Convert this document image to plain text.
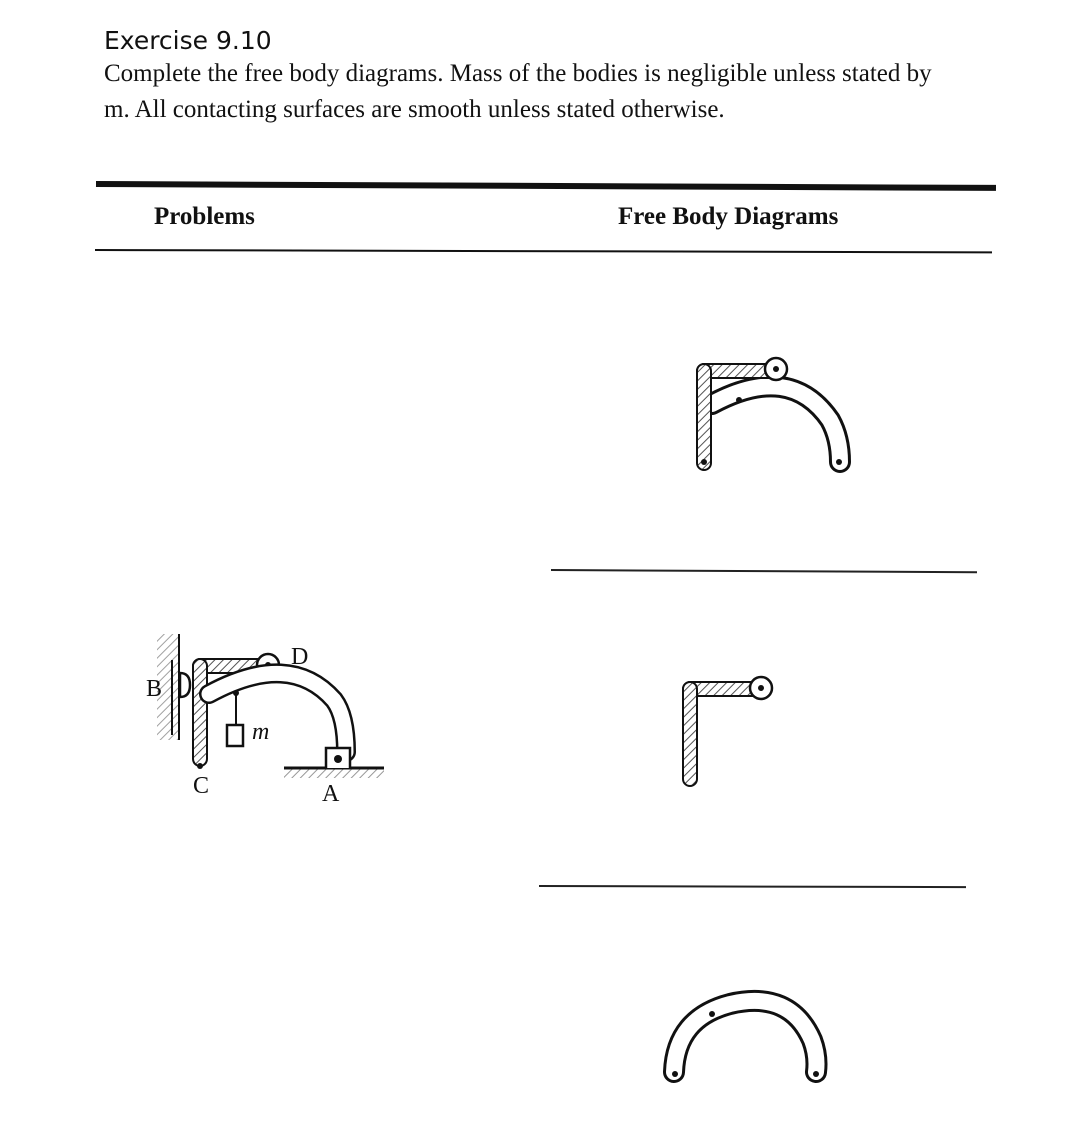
Exercise 9.10
Complete the free body diagrams. Mass of the bodies is negligible unless stated by
m. All contacting surfaces are smooth unless stated otherwise.
Problems	Free Body Diagrams
B
C
D
A
m
